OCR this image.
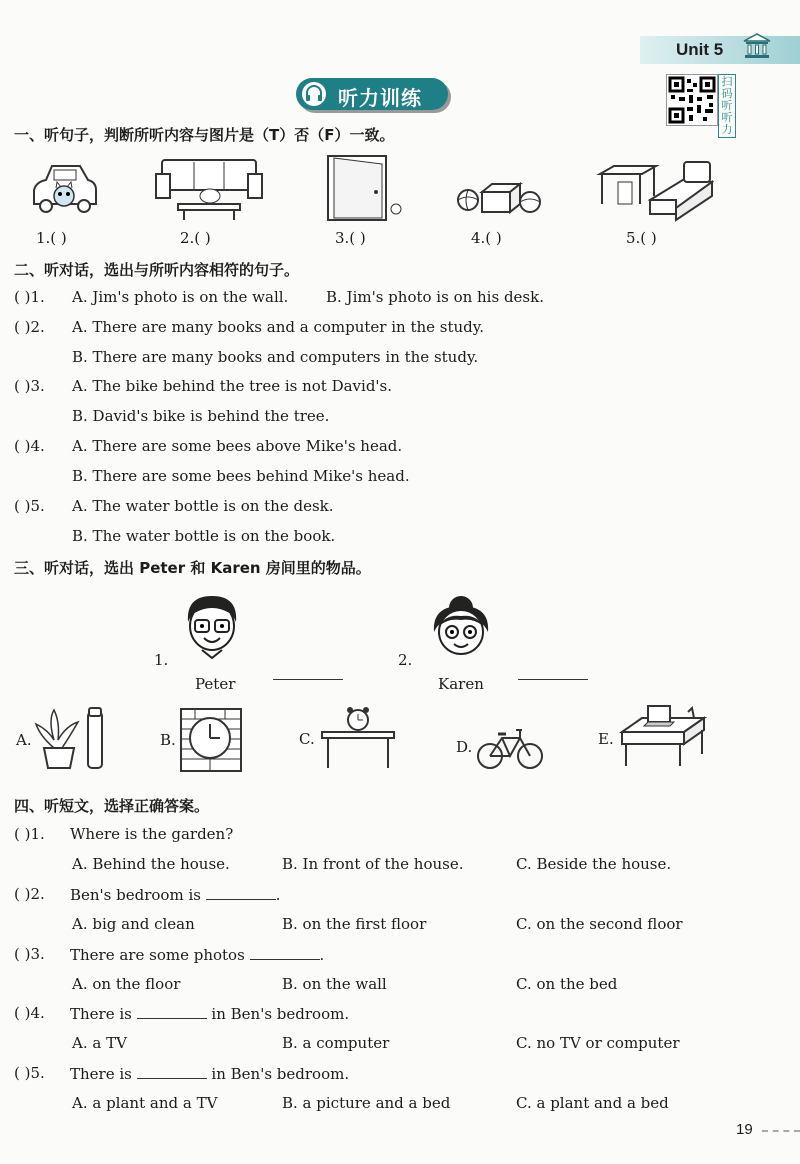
Unit 5
扫码听听力
听力训练
一、听句子，判断所听内容与图片是（T）否（F）一致。
1.( )	2.( )	3.( )	4.( )	5.( )
二、听对话，选出与所听内容相符的句子。
( )1. A. Jim's photo is on the wall.	B. Jim's photo is on his desk.
( )2. A. There are many books and a computer in the study.
B. There are many books and computers in the study.
( )3. A. The bike behind the tree is not David's.
B. David's bike is behind the tree.
( )4. A. There are some bees above Mike's head.
B. There are some bees behind Mike's head.
( )5. A. The water bottle is on the desk.
B. The water bottle is on the book.
三、听对话，选出 Peter 和 Karen 房间里的物品。
1.
Peter
2.
Karen
A.	B.	C.	D.	E.
四、听短文，选择正确答案。
( )1. Where is the garden?
A. Behind the house.	B. In front of the house.	C. Beside the house.
( )2. Ben's bedroom is	.
A. big and clean	B. on the first floor	C. on the second floor
( )3. There are some photos	.
A. on the floor	B. on the wall	C. on the bed
( )4. There is	in Ben's bedroom.
A. a TV	B. a computer	C. no TV or computer
( )5. There is	in Ben's bedroom.
A. a plant and a TV	B. a picture and a bed	C. a plant and a bed
19
